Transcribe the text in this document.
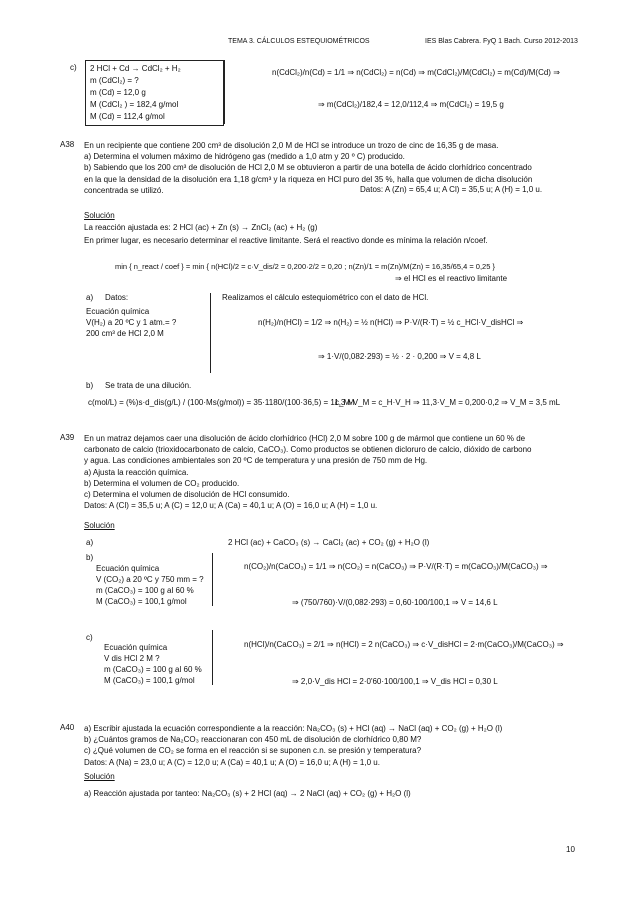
TEMA 3. CÁLCULOS ESTEQUIOMÉTRICOS	IES Blas Cabrera. FyQ 1 Bach. Curso 2012-2013
c) 2 HCl + Cd → CdCl₂ + H₂
m (CdCl₂) = ?
m (Cd) = 12,0 g
M (CdCl₂ ) = 182,4 g/mol
M (Cd) = 112,4 g/mol
n(CdCl₂)/n(Cd) = 1/1 ⇒ n(CdCl₂) = n(Cd) ⇒ m(CdCl₂)/M(CdCl₂) = m(Cd)/M(Cd) ⇒
⇒ m(CdCl₂)/182,4 = 12,0/112,4 ⇒ m(CdCl₂) = 19,5 g
A38 En un recipiente que contiene 200 cm³ de disolución 2,0 M de HCl se introduce un trozo de cinc de 16,35 g de masa.
a) Determina el volumen máximo de hidrógeno gas (medido a 1,0 atm y 20 º C) producido.
b) Sabiendo que los 200 cm³ de disolución de HCl 2,0 M se obtuvieron a partir de una botella de ácido clorhídrico concentrado
en la que la densidad de la disolución era 1,18 g/cm³ y la riqueza en HCl puro del 35 %, halla que volumen de dicha disolución
concentrada se utilizó.	Datos: A (Zn) = 65,4 u; A Cl) = 35,5 u; A (H) = 1,0 u.
Solución
La reacción ajustada es: 2 HCl (ac) + Zn (s) → ZnCl₂ (ac) + H₂ (g)
En primer lugar, es necesario determinar el reactive limitante. Será el reactivo donde es mínima la relación n/coef.
min { n_react / coef } = min { n(HCl)/2 = c·V_dis/2 = 0,200·2/2 = 0,20 ; n(Zn)/1 = m(Zn)/M(Zn) = 16,35/65,4 = 0,25 }
⇒ el HCl es el reactivo limitante
a) Datos:
Ecuación química
V(H₂) a 20 ºC y 1 atm.= ?
200 cm³ de HCl 2,0 M
Realizamos el cálculo estequiométrico con el dato de HCl.
n(H₂)/n(HCl) = 1/2 ⇒ n(H₂) = ½ n(HCl) ⇒ P·V/(R·T) = ½ c_HCl·V_disHCl ⇒
⇒ 1·V/(0,082·293) = ½ · 2 · 0,200 ⇒ V = 4,8 L
b) Se trata de una dilución.
c(mol/L) = (%)s·d_dis(g/L) / (100·Ms(g/mol)) = 35·1180/(100·36,5) = 11,3 M
c_M·V_M = c_H·V_H ⇒ 11,3·V_M = 0,200·0,2 ⇒ V_M = 3,5 mL
A39 En un matraz dejamos caer una disolución de ácido clorhídrico (HCl) 2,0 M sobre 100 g de mármol que contiene un 60 % de
carbonato de calcio (trioxidocarbonato de calcio, CaCO₃). Como productos se obtienen dicloruro de calcio, dióxido de carbono
y agua. Las condiciones ambientales son 20 ºC de temperatura y una presión de 750 mm de Hg.
a) Ajusta la reacción química.
b) Determina el volumen de CO₂ producido.
c) Determina el volumen de disolución de HCl consumido.
Datos: A (Cl) = 35,5 u; A (C) = 12,0 u; A (Ca) = 40,1 u; A (O) = 16,0 u; A (H) = 1,0 u.
Solución
a)	2 HCl (ac) + CaCO₃ (s) → CaCl₂ (ac) + CO₂ (g) + H₂O (l)
b)
Ecuación química
V (CO₂) a 20 ºC y 750 mm = ?
m (CaCO₃) = 100 g al 60 %
M (CaCO₃) = 100,1 g/mol
n(CO₂)/n(CaCO₃) = 1/1 ⇒ n(CO₂) = n(CaCO₃) ⇒ P·V/(R·T) = m(CaCO₃)/M(CaCO₃) ⇒
⇒ (750/760)·V/(0,082·293) = 0,60·100/100,1 ⇒ V = 14,6 L
c)
Ecuación química
V dis HCl 2 M ?
m (CaCO₃) = 100 g al 60 %
M (CaCO₃) = 100,1 g/mol
n(HCl)/n(CaCO₃) = 2/1 ⇒ n(HCl) = 2 n(CaCO₃) ⇒ c·V_disHCl = 2·m(CaCO₃)/M(CaCO₃) ⇒
⇒ 2,0·V_dis HCl = 2·0'60·100/100,1 ⇒ V_dis HCl = 0,30 L
A40 a) Escribir ajustada la ecuación correspondiente a la reacción: Na₂CO₃ (s) + HCl (aq) → NaCl (aq) + CO₂ (g) + H₂O (l)
b) ¿Cuántos gramos de Na₂CO₃ reaccionaran con 450 mL de disolución de clorhídrico 0,80 M?
c) ¿Qué volumen de CO₂ se forma en el reacción si se suponen c.n. se presión y temperatura?
Datos: A (Na) = 23,0 u; A (C) = 12,0 u; A (Ca) = 40,1 u; A (O) = 16,0 u; A (H) = 1,0 u.
Solución
a) Reacción ajustada por tanteo: Na₂CO₃ (s) + 2 HCl (aq) → 2 NaCl (aq) + CO₂ (g) + H₂O (l)
10
